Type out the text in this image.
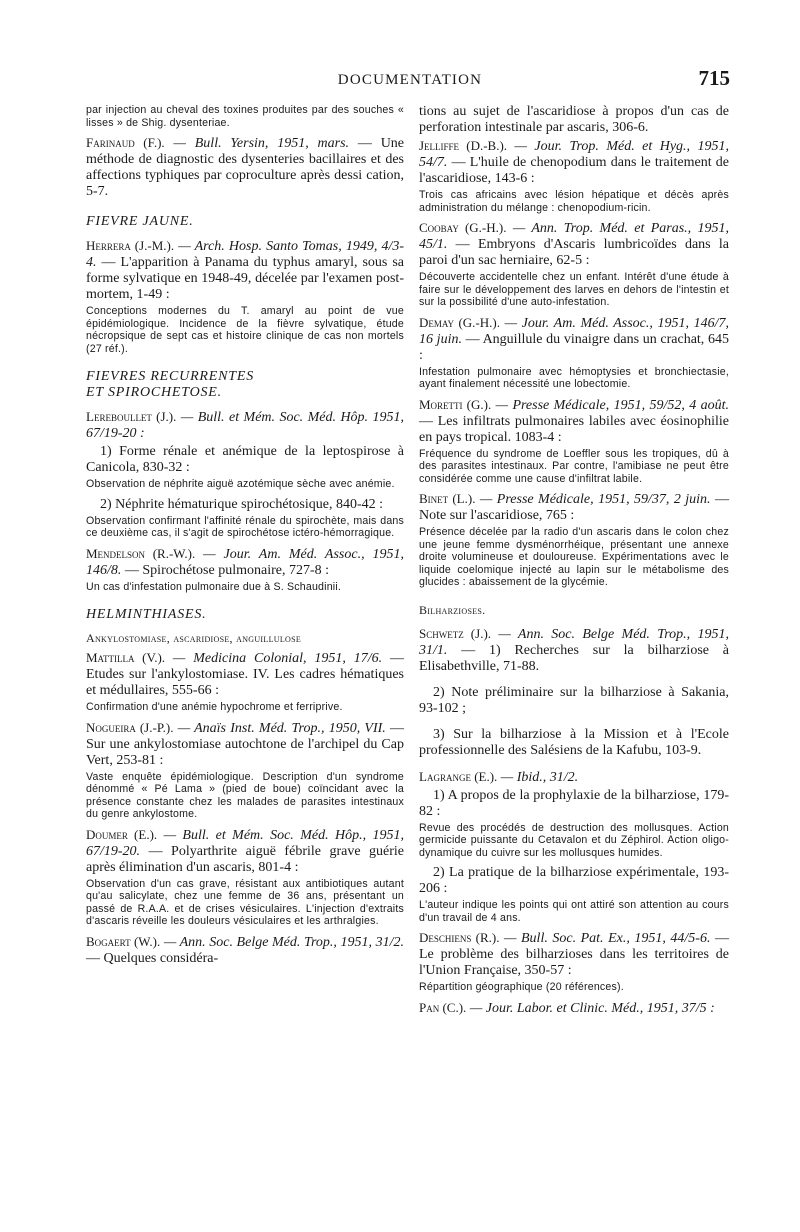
DOCUMENTATION	715

par injection au cheval des toxines produites par des souches « lisses » de Shig. dysenteriae.

Farinaud (F.). — Bull. Yersin, 1951, mars. — Une méthode de diagnostic des dysenteries bacillaires et des affections typhiques par coproculture après dessi cation, 5-7.

FIEVRE JAUNE.

Herrera (J.-M.). — Arch. Hosp. Santo Tomas, 1949, 4/3-4. — L'apparition à Panama du typhus amaryl, sous sa forme sylvatique en 1948-49, décelée par l'examen post-mortem, 1-49 :

Conceptions modernes du T. amaryl au point de vue épidémiologique. Incidence de la fièvre sylvatique, étude nécropsique de sept cas et histoire clinique de cas non mortels (27 réf.).

FIEVRES RECURRENTES
ET SPIROCHETOSE.

Lereboullet (J.). — Bull. et Mém. Soc. Méd. Hôp. 1951, 67/19-20 :

1) Forme rénale et anémique de la leptospirose à Canicola, 830-32 :

Observation de néphrite aiguë azotémique sèche avec anémie.

2) Néphrite hématurique spirochétosique, 840-42 :

Observation confirmant l'affinité rénale du spirochète, mais dans ce deuxième cas, il s'agit de spirochétose ictéro-hémorragique.

Mendelson (R.-W.). — Jour. Am. Méd. Assoc., 1951, 146/8. — Spirochétose pulmonaire, 727-8 :

Un cas d'infestation pulmonaire due à S. Schaudinii.

HELMINTHIASES.
Ankylostomiase, ascaridiose, anguillulose

Mattilla (V.). — Medicina Colonial, 1951, 17/6. — Etudes sur l'ankylostomiase. IV. Les cadres hématiques et médullaires, 555-66 :

Confirmation d'une anémie hypochrome et ferriprive.

Nogueira (J.-P.). — Anaïs Inst. Méd. Trop., 1950, VII. — Sur une ankylostomiase autochtone de l'archipel du Cap Vert, 253-81 :

Vaste enquête épidémiologique. Description d'un syndrome dénommé « Pé Lama » (pied de boue) coïncidant avec la présence constante chez les malades de parasites intestinaux du genre ankylostome.

Doumer (E.). — Bull. et Mém. Soc. Méd. Hôp., 1951, 67/19-20. — Polyarthrite aiguë fébrile grave guérie après élimination d'un ascaris, 801-4 :

Observation d'un cas grave, résistant aux antibiotiques autant qu'au salicylate, chez une femme de 36 ans, présentant un passé de R.A.A. et de crises vésiculaires. L'injection d'extraits d'ascaris réveille les douleurs vésiculaires et les arthralgies.

Bogaert (W.). — Ann. Soc. Belge Méd. Trop., 1951, 31/2. — Quelques considéra-

tions au sujet de l'ascaridiose à propos d'un cas de perforation intestinale par ascaris, 306-6.

Jelliffe (D.-B.). — Jour. Trop. Méd. et Hyg., 1951, 54/7. — L'huile de chenopodium dans le traitement de l'ascaridiose, 143-6 :

Trois cas africains avec lésion hépatique et décès après administration du mélange : chenopodium-ricin.

Coobay (G.-H.). — Ann. Trop. Méd. et Paras., 1951, 45/1. — Embryons d'Ascaris lumbricoïdes dans la paroi d'un sac herniaire, 62-5 :

Découverte accidentelle chez un enfant. Intérêt d'une étude à faire sur le développement des larves en dehors de l'intestin et sur la possibilité d'une auto-infestation.

Demay (G.-H.). — Jour. Am. Méd. Assoc., 1951, 146/7, 16 juin. — Anguillule du vinaigre dans un crachat, 645 :

Infestation pulmonaire avec hémoptysies et bronchiectasie, ayant finalement nécessité une lobectomie.

Moretti (G.). — Presse Médicale, 1951, 59/52, 4 août. — Les infiltrats pulmonaires labiles avec éosinophilie en pays tropical. 1083-4 :

Fréquence du syndrome de Loeffler sous les tropiques, dû à des parasites intestinaux. Par contre, l'amibiase ne peut être considérée comme une cause d'infiltrat labile.

Binet (L.). — Presse Médicale, 1951, 59/37, 2 juin. — Note sur l'ascaridiose, 765 :

Présence décelée par la radio d'un ascaris dans le colon chez une jeune femme dysménorrhéique, présentant une annexe droite volumineuse et douloureuse. Expérimentations avec le liquide coelomique injecté au lapin sur le métabolisme des glucides : abaissement de la glycémie.

Bilharzioses.

Schwetz (J.). — Ann. Soc. Belge Méd. Trop., 1951, 31/1. — 1) Recherches sur la bilharziose à Elisabethville, 71-88.

2) Note préliminaire sur la bilharziose à Sakania, 93-102 ;

3) Sur la bilharziose à la Mission et à l'Ecole professionnelle des Salésiens de la Kafubu, 103-9.

Lagrange (E.). — Ibid., 31/2.

1) A propos de la prophylaxie de la bilharziose, 179-82 :

Revue des procédés de destruction des mollusques. Action germicide puissante du Cetavalon et du Zéphirol. Action oligo-dynamique du cuivre sur les mollusques humides.

2) La pratique de la bilharziose expérimentale, 193-206 :

L'auteur indique les points qui ont attiré son attention au cours d'un travail de 4 ans.

Deschiens (R.). — Bull. Soc. Pat. Ex., 1951, 44/5-6. — Le problème des bilharzioses dans les territoires de l'Union Française, 350-57 :

Répartition géographique (20 références).

Pan (C.). — Jour. Labor. et Clinic. Méd., 1951, 37/5 :
